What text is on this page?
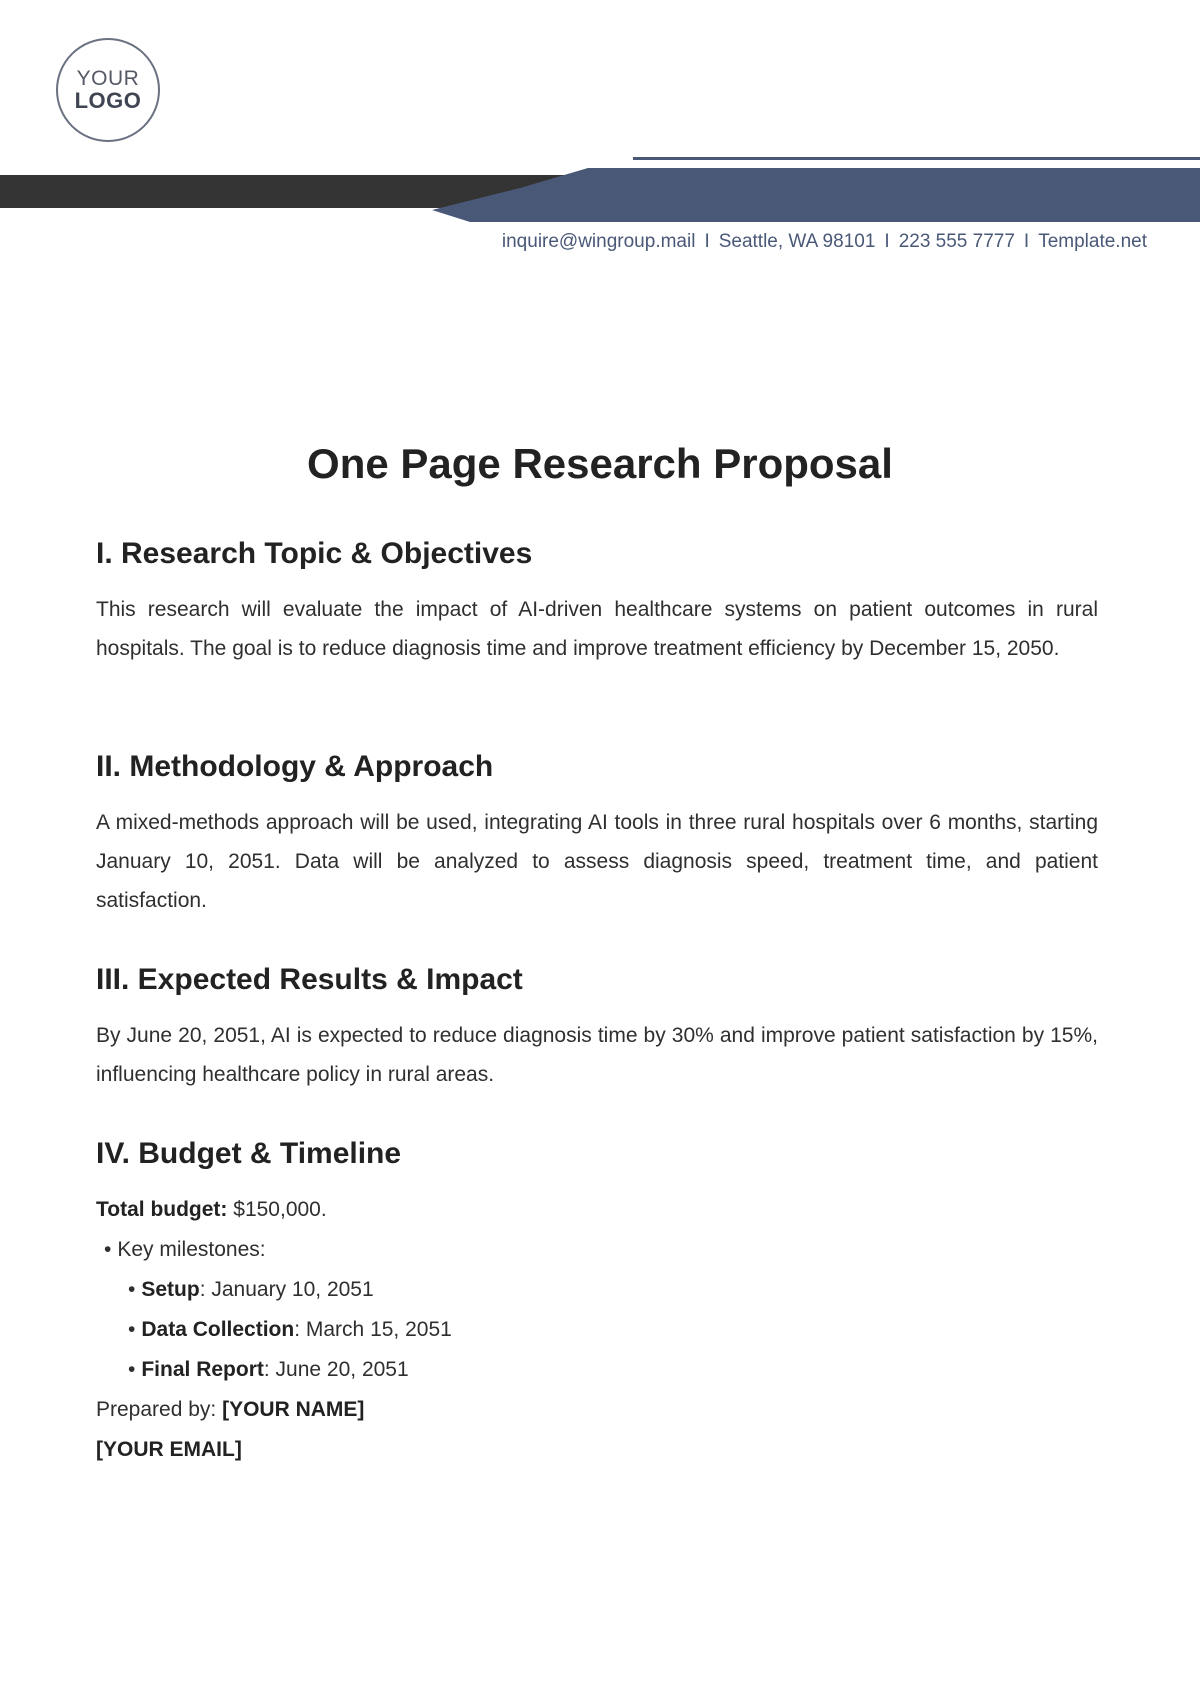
YOUR
LOGO
inquire@wingroup.mail I Seattle, WA 98101 I 223 555 7777 I Template.net
One Page Research Proposal
I. Research Topic & Objectives

This research will evaluate the impact of AI-driven healthcare systems on patient outcomes in rural hospitals. The goal is to reduce diagnosis time and improve treatment efficiency by December 15, 2050.

II. Methodology & Approach

A mixed-methods approach will be used, integrating AI tools in three rural hospitals over 6 months, starting January 10, 2051. Data will be analyzed to assess diagnosis speed, treatment time, and patient satisfaction.

III. Expected Results & Impact

By June 20, 2051, AI is expected to reduce diagnosis time by 30% and improve patient satisfaction by 15%, influencing healthcare policy in rural areas.

IV. Budget & Timeline
Total budget: $150,000.
• Key milestones:
• Setup: January 10, 2051
• Data Collection: March 15, 2051
• Final Report: June 20, 2051
Prepared by: [YOUR NAME]
[YOUR EMAIL]
